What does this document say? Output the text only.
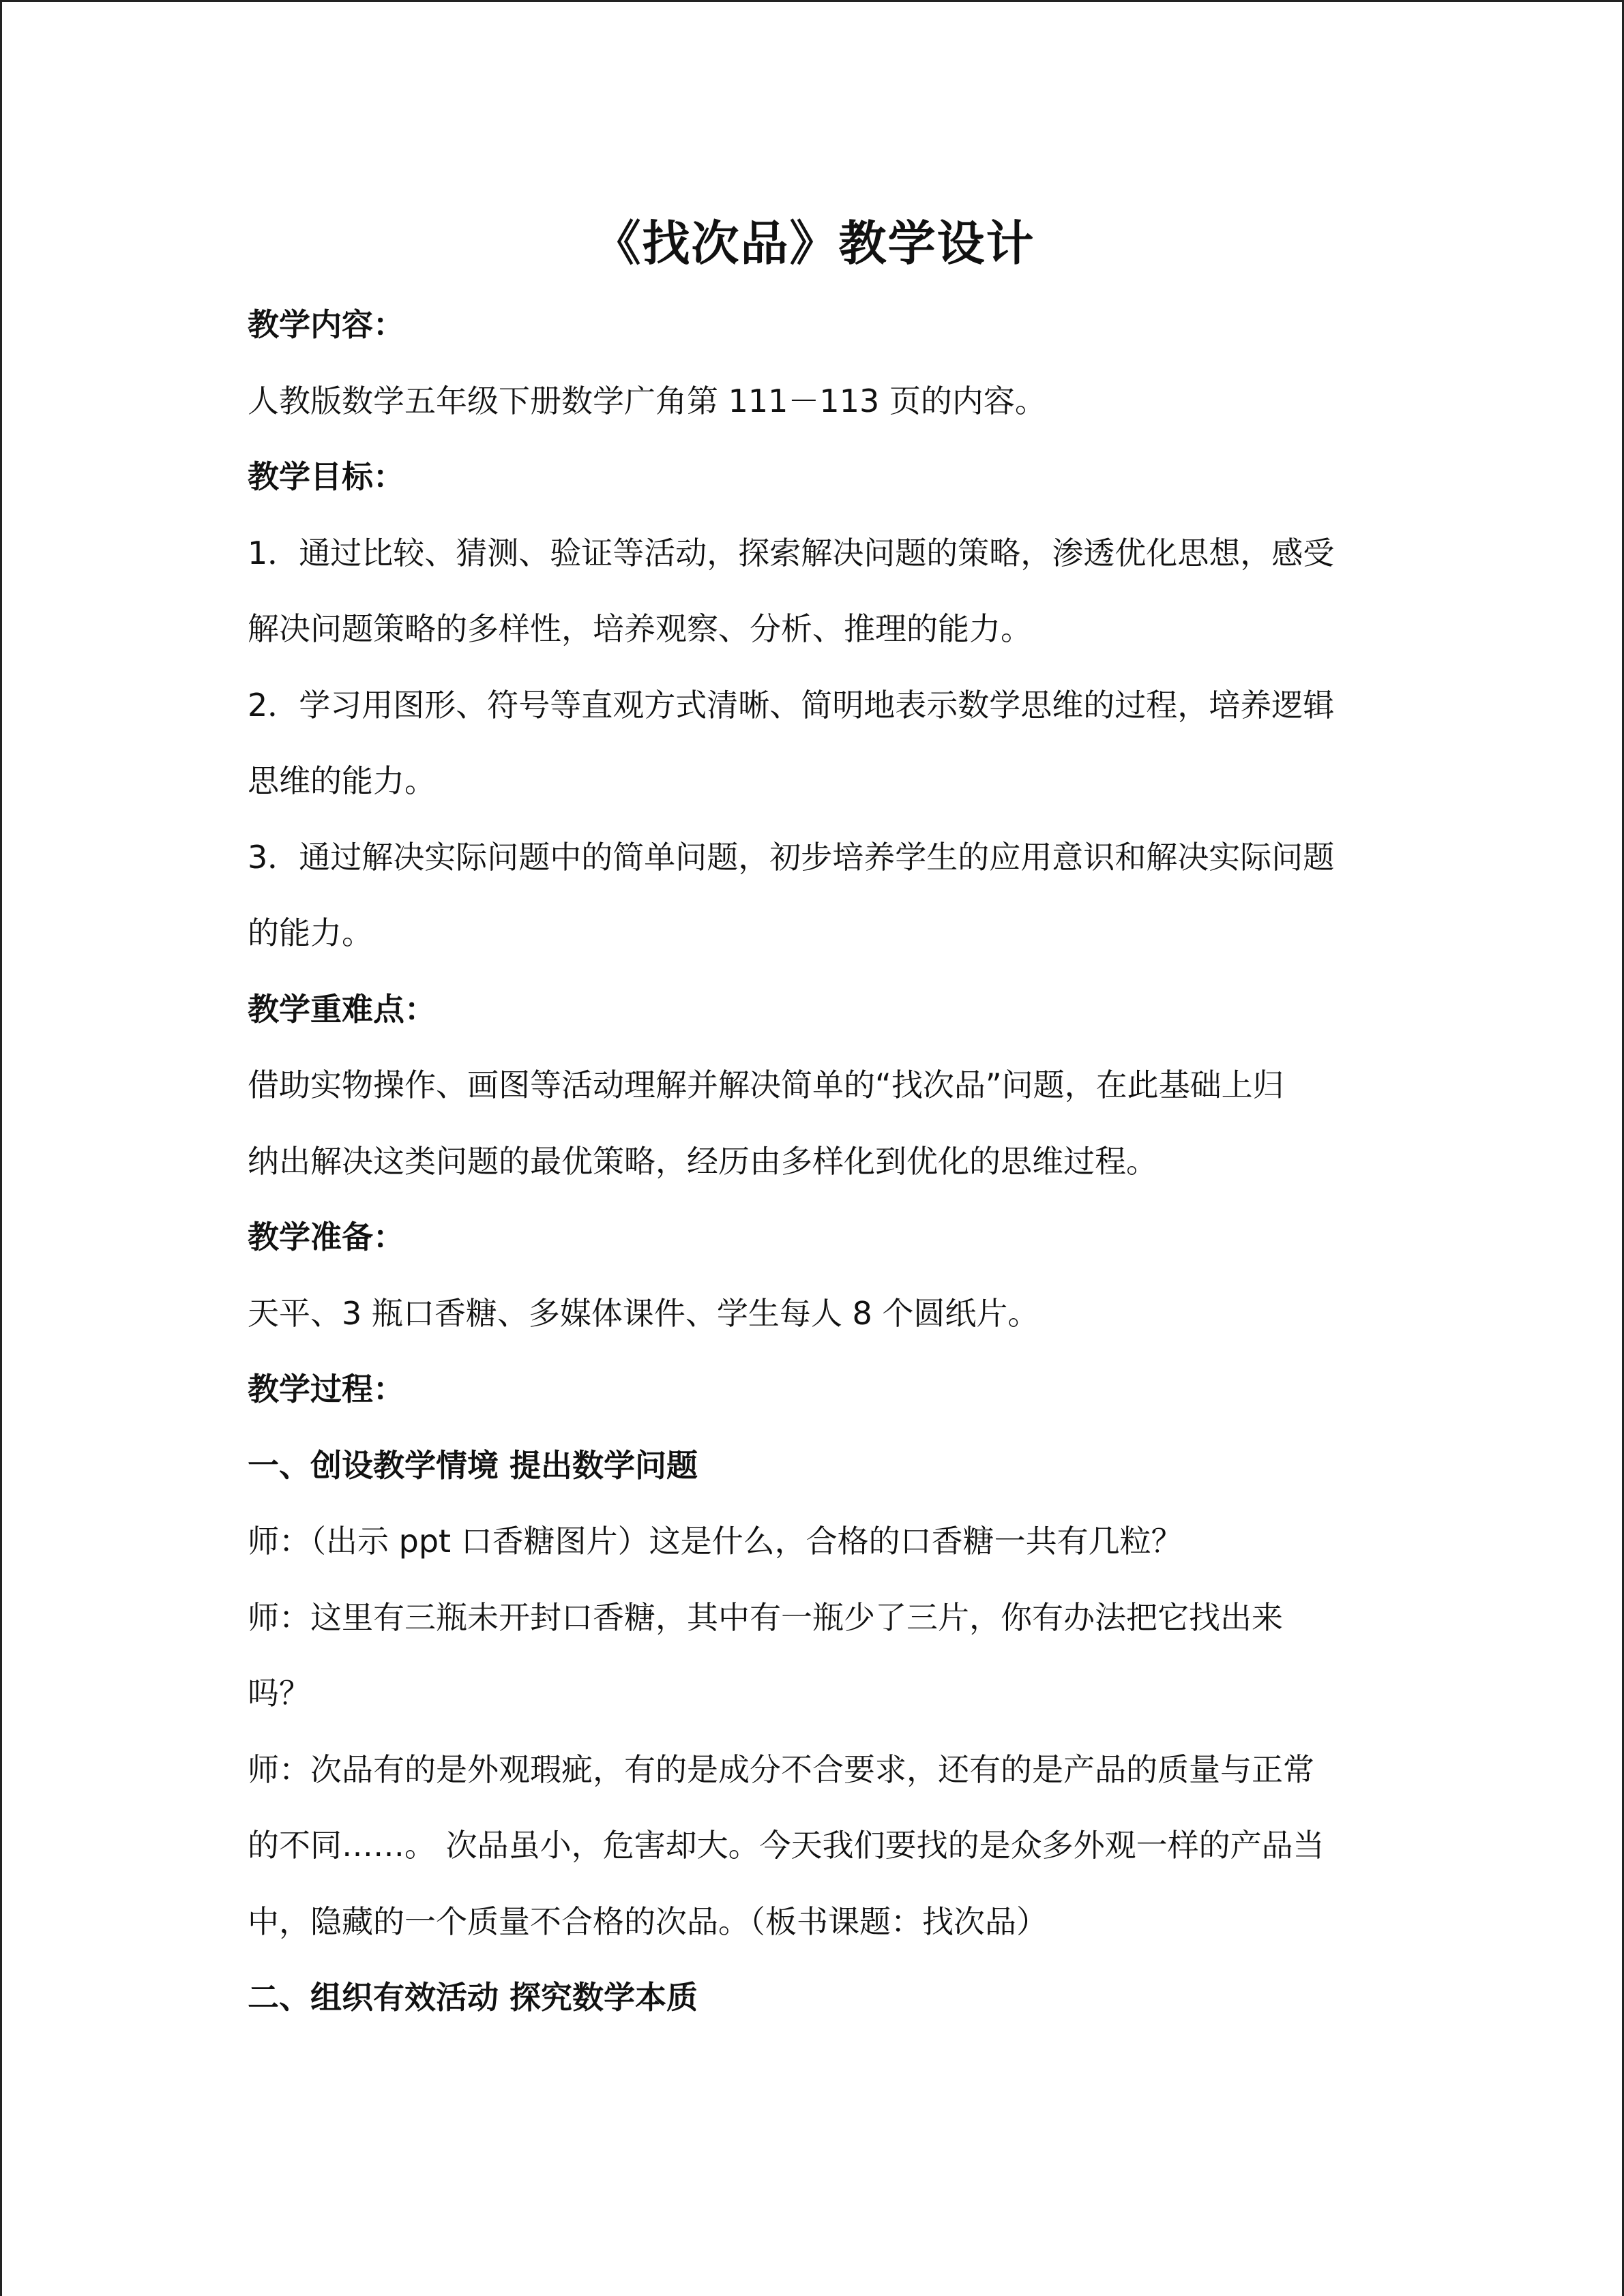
《找次品》教学设计
教学内容：
人教版数学五年级下册数学广角第 111－113 页的内容。
教学目标：
1．通过比较、猜测、验证等活动，探索解决问题的策略，渗透优化思想，感受
解决问题策略的多样性，培养观察、分析、推理的能力。
2．学习用图形、符号等直观方式清晰、简明地表示数学思维的过程，培养逻辑
思维的能力。
3．通过解决实际问题中的简单问题，初步培养学生的应用意识和解决实际问题
的能力。
教学重难点：
借助实物操作、画图等活动理解并解决简单的“找次品”问题，在此基础上归
纳出解决这类问题的最优策略，经历由多样化到优化的思维过程。
教学准备：
天平、3 瓶口香糖、多媒体课件、学生每人 8 个圆纸片。
教学过程：
一、创设教学情境 提出数学问题
师：（出示 ppt 口香糖图片）这是什么，合格的口香糖一共有几粒？
师：这里有三瓶未开封口香糖，其中有一瓶少了三片，你有办法把它找出来
吗？
师：次品有的是外观瑕疵，有的是成分不合要求，还有的是产品的质量与正常
的不同……。 次品虽小，危害却大。今天我们要找的是众多外观一样的产品当
中，隐藏的一个质量不合格的次品。（板书课题：找次品）
二、组织有效活动 探究数学本质
